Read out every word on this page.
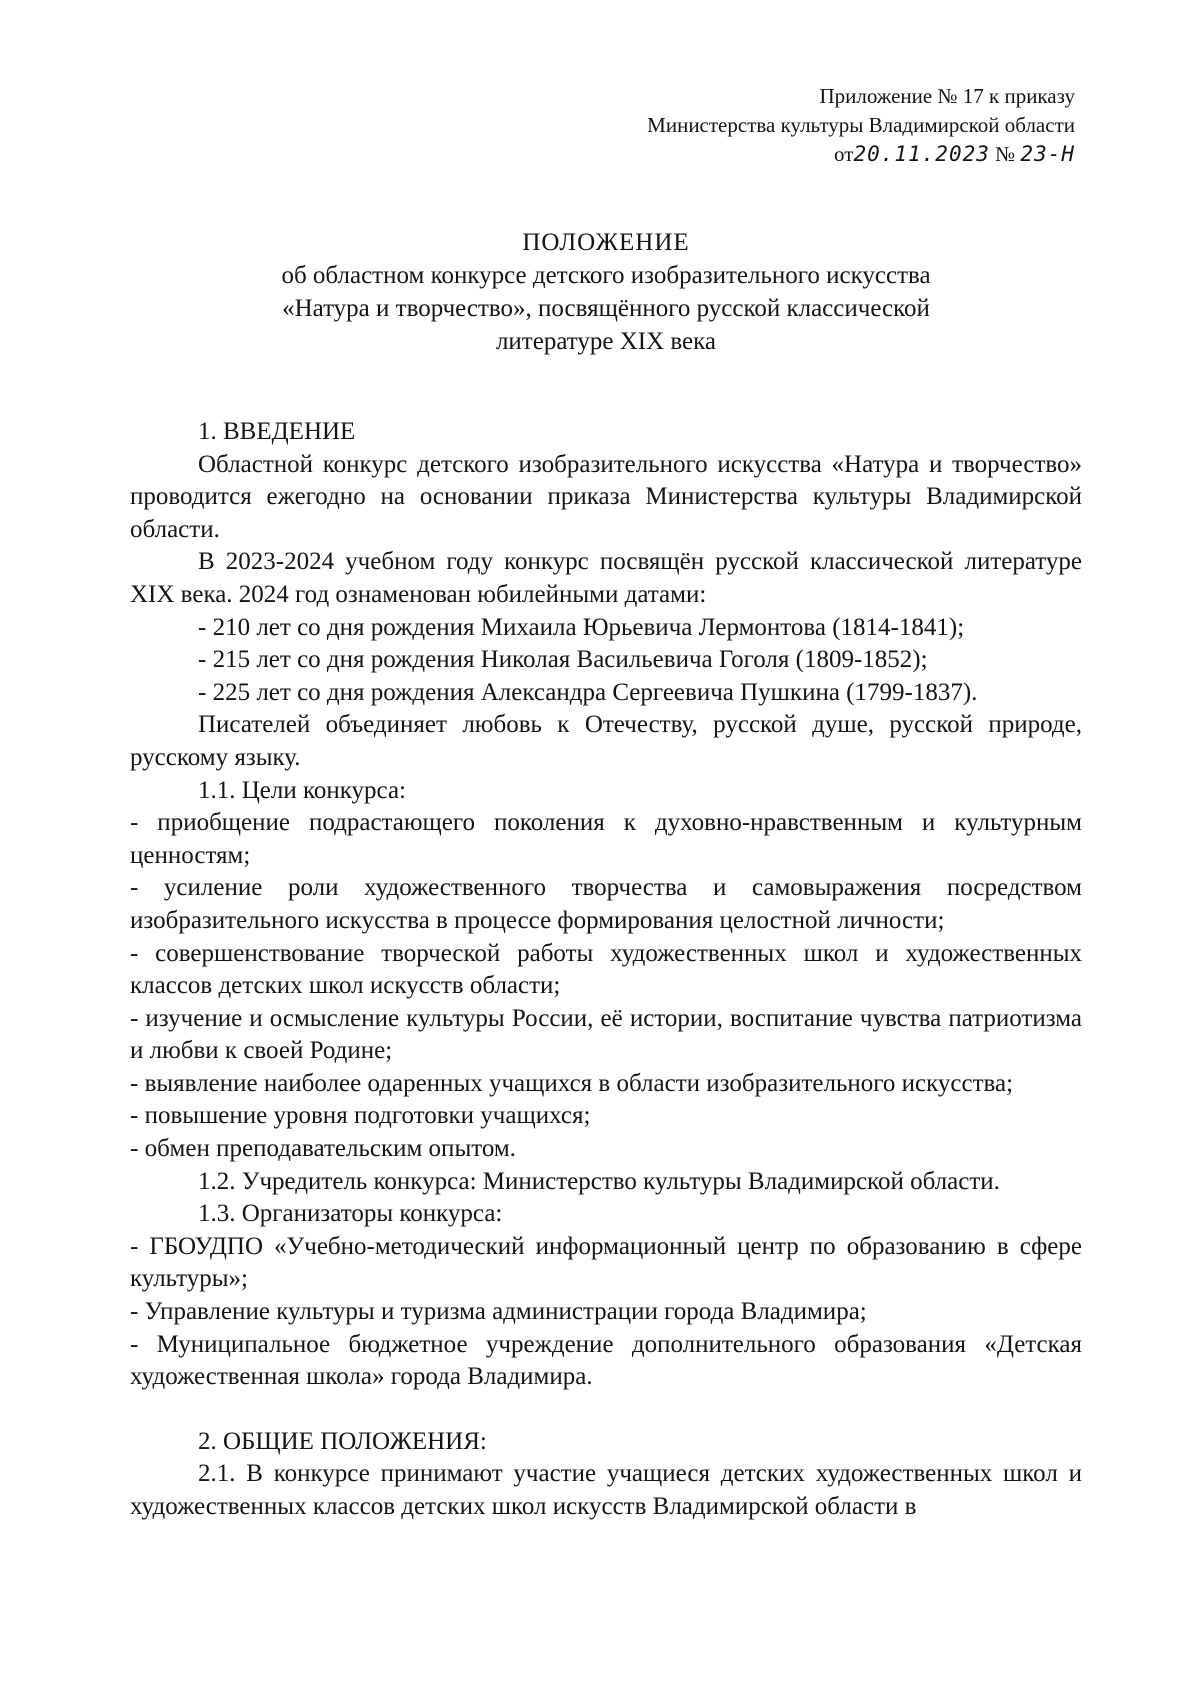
Приложение № 17 к приказу
Министерства культуры Владимирской области
от20.11.2023 № 23-Н
ПОЛОЖЕНИЕ
об областном конкурсе детского изобразительного искусства
«Натура и творчество», посвящённого русской классической
литературе XIX века

1. ВВЕДЕНИЕ

Областной конкурс детского изобразительного искусства «Натура и творчество» проводится ежегодно на основании приказа Министерства культуры Владимирской области.

В 2023-2024 учебном году конкурс посвящён русской классической литературе XIX века. 2024 год ознаменован юбилейными датами:

- 210 лет со дня рождения Михаила Юрьевича Лермонтова (1814-1841);

- 215 лет со дня рождения Николая Васильевича Гоголя (1809-1852);

- 225 лет со дня рождения Александра Сергеевича Пушкина (1799-1837).

Писателей объединяет любовь к Отечеству, русской душе, русской природе, русскому языку.

1.1. Цели конкурса:

- приобщение подрастающего поколения к духовно-нравственным и культурным ценностям;

- усиление роли художественного творчества и самовыражения посредством изобразительного искусства в процессе формирования целостной личности;

- совершенствование творческой работы художественных школ и художественных классов детских школ искусств области;

- изучение и осмысление культуры России, её истории, воспитание чувства патриотизма и любви к своей Родине;

- выявление наиболее одаренных учащихся в области изобразительного искусства;

- повышение уровня подготовки учащихся;

- обмен преподавательским опытом.

1.2. Учредитель конкурса: Министерство культуры Владимирской области.

1.3. Организаторы конкурса:

- ГБОУДПО «Учебно-методический информационный центр по образованию в сфере культуры»;

- Управление культуры и туризма администрации города Владимира;

- Муниципальное бюджетное учреждение дополнительного образования «Детская художественная школа» города Владимира.

2. ОБЩИЕ ПОЛОЖЕНИЯ:

2.1. В конкурсе принимают участие учащиеся детских художественных школ и художественных классов детских школ искусств Владимирской области в
